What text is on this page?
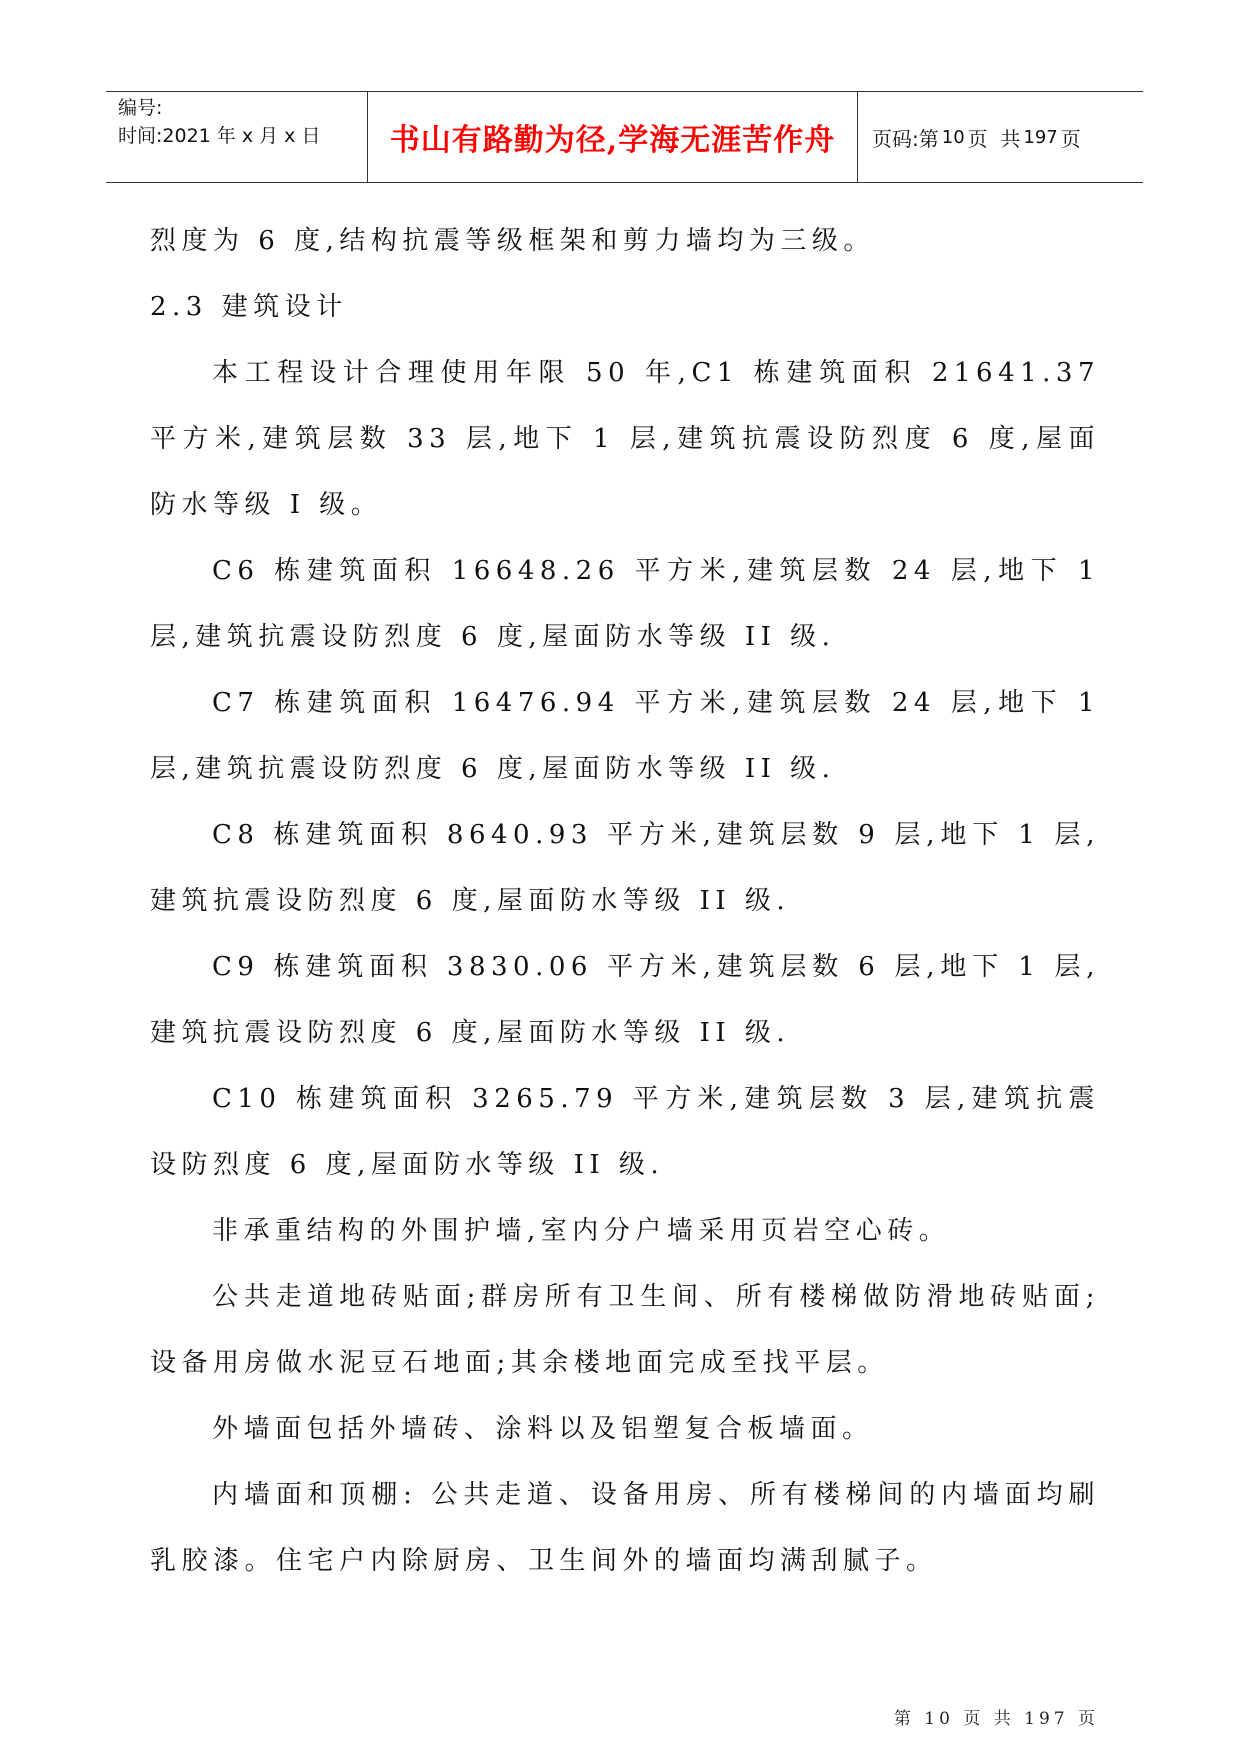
编号:
时间:2021 年 x 月 x 日	书山有路勤为径,学海无涯苦作舟 页码:第 10 页  共 197 页

烈度为 6 度,结构抗震等级框架和剪力墙均为三级。

2.3 建筑设计

本工程设计合理使用年限 50 年,C1 栋建筑面积 21641.37 平方米,建筑层数 33 层,地下 1 层,建筑抗震设防烈度 6 度,屋面防水等级 I 级。

C6 栋建筑面积 16648.26 平方米,建筑层数 24 层,地下 1 层,建筑抗震设防烈度 6 度,屋面防水等级 II 级.

C7 栋建筑面积 16476.94 平方米,建筑层数 24 层,地下 1 层,建筑抗震设防烈度 6 度,屋面防水等级 II 级.

C8 栋建筑面积 8640.93 平方米,建筑层数 9 层,地下 1 层,建筑抗震设防烈度 6 度,屋面防水等级 II 级.

C9 栋建筑面积 3830.06 平方米,建筑层数 6 层,地下 1 层,建筑抗震设防烈度 6 度,屋面防水等级 II 级.

C10 栋建筑面积 3265.79 平方米,建筑层数 3 层,建筑抗震设防烈度 6 度,屋面防水等级 II 级.

非承重结构的外围护墙,室内分户墙采用页岩空心砖。

公共走道地砖贴面;群房所有卫生间、所有楼梯做防滑地砖贴面;设备用房做水泥豆石地面;其余楼地面完成至找平层。

外墙面包括外墙砖、涂料以及铝塑复合板墙面。

内墙面和顶棚: 公共走道、设备用房、所有楼梯间的内墙面均刷乳胶漆。住宅户内除厨房、卫生间外的墙面均满刮腻子。

第 10 页 共 197 页
